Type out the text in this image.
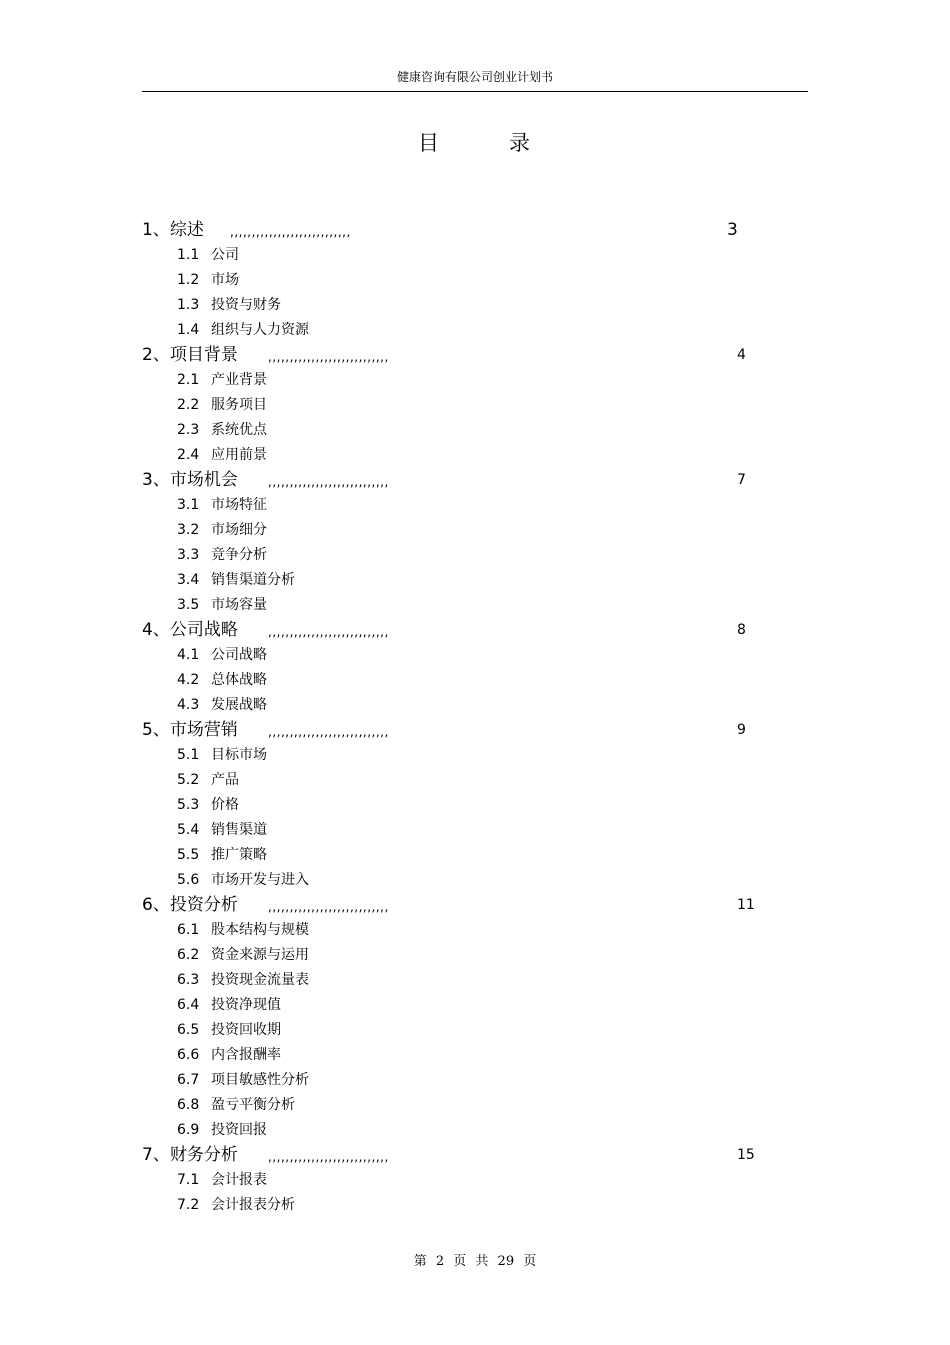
健康咨询有限公司创业计划书
目	录
1、综述 ,,,,,,,,,,,,,,,,,,,,,,,,,,,,	3
1.1 公司
1.2 市场
1.3 投资与财务
1.4 组织与人力资源
2、项目背景	,,,,,,,,,,,,,,,,,,,,,,,,,,,,	4
2.1 产业背景
2.2 服务项目
2.3 系统优点
2.4 应用前景
3、市场机会	,,,,,,,,,,,,,,,,,,,,,,,,,,,,	7
3.1 市场特征
3.2 市场细分
3.3 竞争分析
3.4 销售渠道分析
3.5 市场容量
4、公司战略	,,,,,,,,,,,,,,,,,,,,,,,,,,,,	8
4.1 公司战略
4.2 总体战略
4.3 发展战略
5、市场营销	,,,,,,,,,,,,,,,,,,,,,,,,,,,,	9
5.1 目标市场
5.2 产品
5.3 价格
5.4 销售渠道
5.5 推广策略
5.6 市场开发与进入
6、投资分析	,,,,,,,,,,,,,,,,,,,,,,,,,,,,	11
6.1 股本结构与规模
6.2 资金来源与运用
6.3 投资现金流量表
6.4 投资净现值
6.5 投资回收期
6.6 内含报酬率
6.7 项目敏感性分析
6.8 盈亏平衡分析
6.9 投资回报
7、财务分析	,,,,,,,,,,,,,,,,,,,,,,,,,,,,	15
7.1 会计报表
7.2 会计报表分析
第 2 页 共 29 页
